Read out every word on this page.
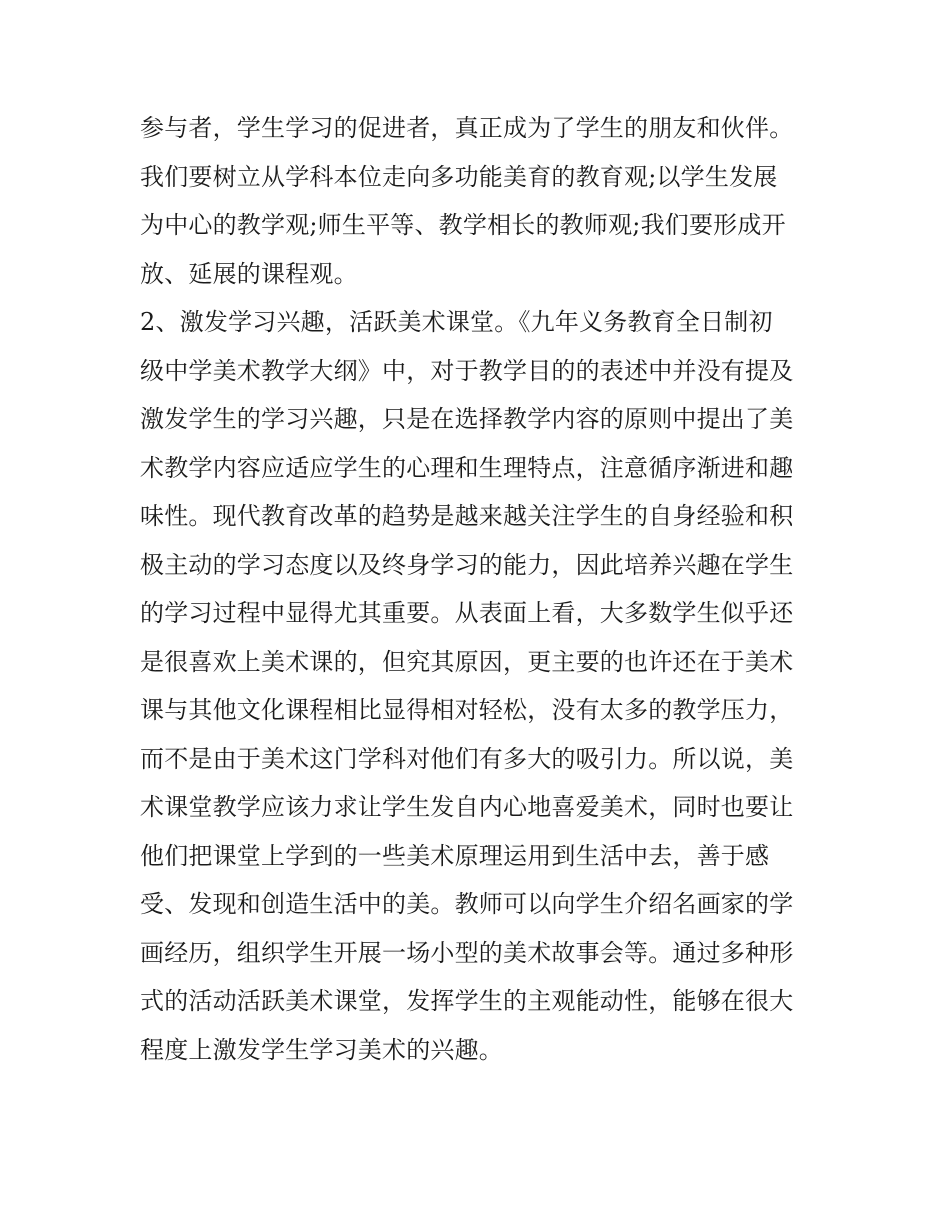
参与者，学生学习的促进者，真正成为了学生的朋友和伙伴。
我们要树立从学科本位走向多功能美育的教育观;以学生发展
为中心的教学观;师生平等、教学相长的教师观;我们要形成开
放、延展的课程观。
2、激发学习兴趣，活跃美术课堂。《九年义务教育全日制初
级中学美术教学大纲》中，对于教学目的的表述中并没有提及
激发学生的学习兴趣，只是在选择教学内容的原则中提出了美
术教学内容应适应学生的心理和生理特点，注意循序渐进和趣
味性。现代教育改革的趋势是越来越关注学生的自身经验和积
极主动的学习态度以及终身学习的能力，因此培养兴趣在学生
的学习过程中显得尤其重要。从表面上看，大多数学生似乎还
是很喜欢上美术课的，但究其原因，更主要的也许还在于美术
课与其他文化课程相比显得相对轻松，没有太多的教学压力，
而不是由于美术这门学科对他们有多大的吸引力。所以说，美
术课堂教学应该力求让学生发自内心地喜爱美术，同时也要让
他们把课堂上学到的一些美术原理运用到生活中去，善于感
受、发现和创造生活中的美。教师可以向学生介绍名画家的学
画经历，组织学生开展一场小型的美术故事会等。通过多种形
式的活动活跃美术课堂，发挥学生的主观能动性，能够在很大
程度上激发学生学习美术的兴趣。
